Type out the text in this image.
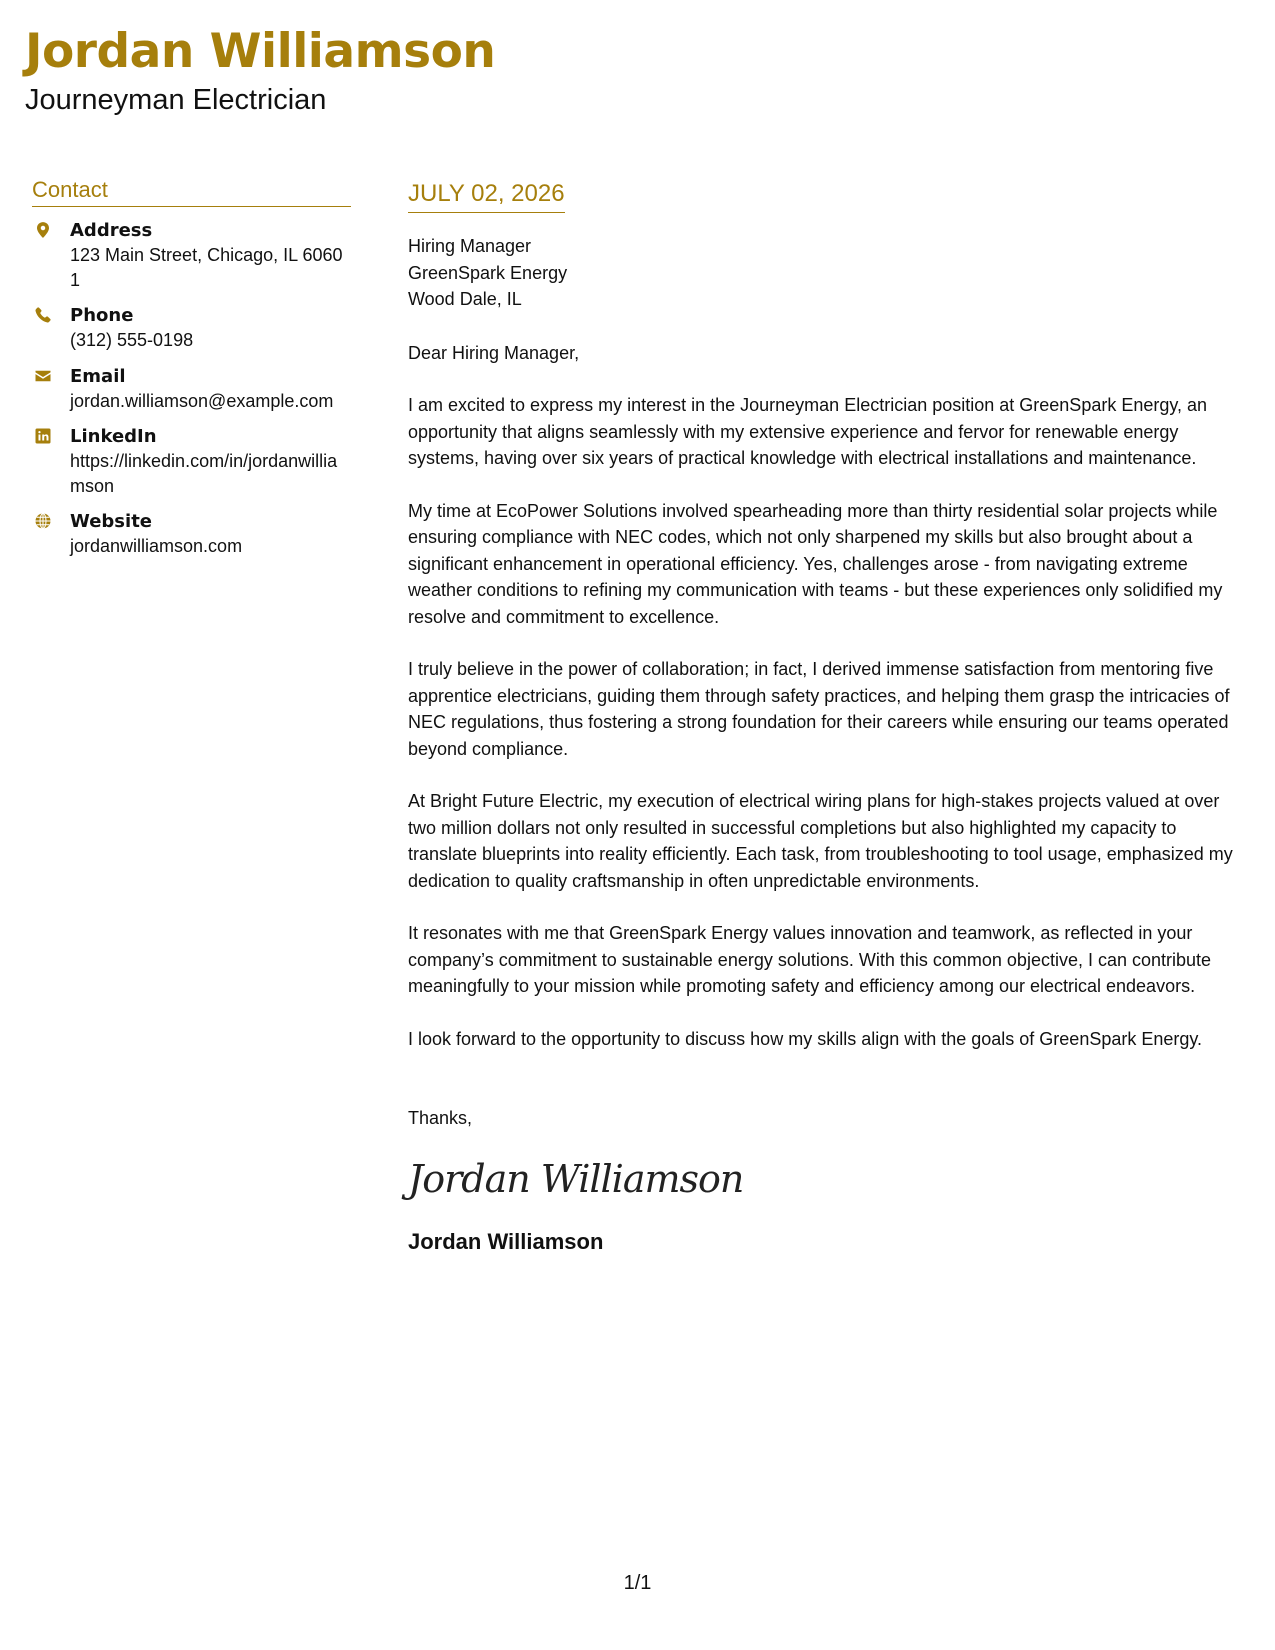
Jordan Williamson
Journeyman Electrician
Contact
Address
123 Main Street, Chicago, IL 60601
Phone
(312) 555-0198
Email
jordan.williamson@example.com
LinkedIn
https://linkedin.com/in/jordanwilliamson
Website
jordanwilliamson.com
JULY 02, 2026
Hiring Manager
GreenSpark Energy
Wood Dale, IL
Dear Hiring Manager,
I am excited to express my interest in the Journeyman Electrician position at GreenSpark Energy, an opportunity that aligns seamlessly with my extensive experience and fervor for renewable energy systems, having over six years of practical knowledge with electrical installations and maintenance.
My time at EcoPower Solutions involved spearheading more than thirty residential solar projects while ensuring compliance with NEC codes, which not only sharpened my skills but also brought about a significant enhancement in operational efficiency. Yes, challenges arose - from navigating extreme weather conditions to refining my communication with teams - but these experiences only solidified my resolve and commitment to excellence.
I truly believe in the power of collaboration; in fact, I derived immense satisfaction from mentoring five apprentice electricians, guiding them through safety practices, and helping them grasp the intricacies of NEC regulations, thus fostering a strong foundation for their careers while ensuring our teams operated beyond compliance.
At Bright Future Electric, my execution of electrical wiring plans for high-stakes projects valued at over two million dollars not only resulted in successful completions but also highlighted my capacity to translate blueprints into reality efficiently. Each task, from troubleshooting to tool usage, emphasized my dedication to quality craftsmanship in often unpredictable environments.
It resonates with me that GreenSpark Energy values innovation and teamwork, as reflected in your company’s commitment to sustainable energy solutions. With this common objective, I can contribute meaningfully to your mission while promoting safety and efficiency among our electrical endeavors.
I look forward to the opportunity to discuss how my skills align with the goals of GreenSpark Energy.
Thanks,
Jordan Williamson
Jordan Williamson
1/1
